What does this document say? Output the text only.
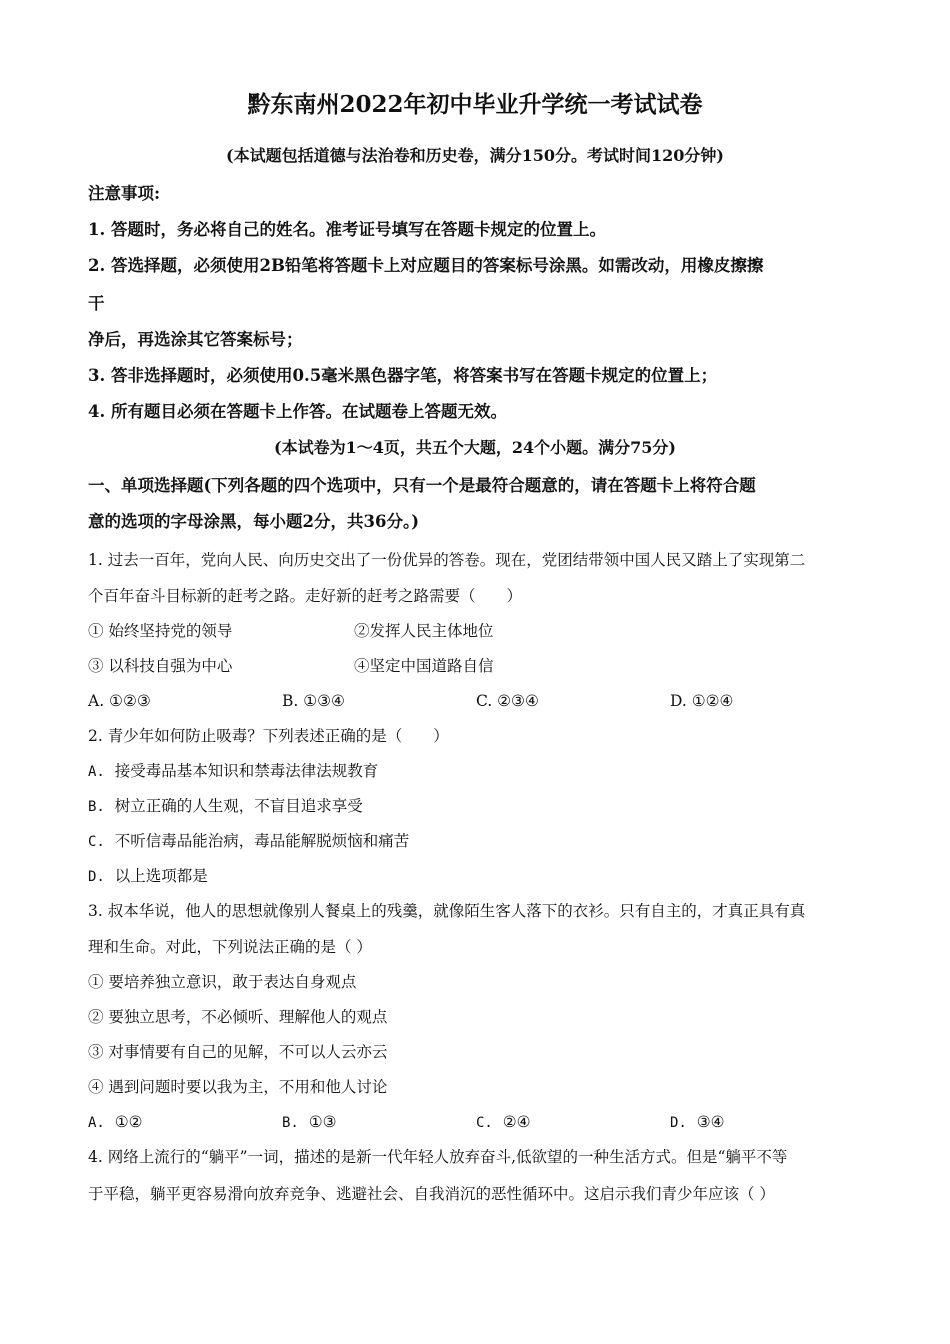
黔东南州2022年初中毕业升学统一考试试卷
(本试题包括道德与法治卷和历史卷，满分150分。考试时间120分钟)
注意事项:
1. 答题时，务必将自己的姓名。准考证号填写在答题卡规定的位置上。
2. 答选择题，必须使用2B铅笔将答题卡上对应题目的答案标号涂黑。如需改动，用橡皮擦擦
干
净后，再选涂其它答案标号；
3. 答非选择题时，必须使用0.5毫米黑色器字笔，将答案书写在答题卡规定的位置上；
4. 所有题目必须在答题卡上作答。在试题卷上答题无效。
(本试卷为1～4页，共五个大题，24个小题。满分75分)
一、单项选择题(下列各题的四个选项中，只有一个是最符合题意的，请在答题卡上将符合题
意的选项的字母涂黑，每小题2分，共36分。)
1. 过去一百年，党向人民、向历史交出了一份优异的答卷。现在，党团结带领中国人民又踏上了实现第二
个百年奋斗目标新的赶考之路。走好新的赶考之路需要（　　）
① 始终坚持党的领导	②发挥人民主体地位
③ 以科技自强为中心	④坚定中国道路自信
A. ①②③	B. ①③④	C. ②③④	D. ①②④
2. 青少年如何防止吸毒？下列表述正确的是（　　）
A. 接受毒品基本知识和禁毒法律法规教育
B. 树立正确的人生观，不盲目追求享受
C. 不听信毒品能治病，毒品能解脱烦恼和痛苦
D. 以上选项都是
3. 叔本华说，他人的思想就像别人餐桌上的残羹，就像陌生客人落下的衣衫。只有自主的，才真正具有真
理和生命。对此，下列说法正确的是（ ）
① 要培养独立意识，敢于表达自身观点
② 要独立思考，不必倾听、理解他人的观点
③ 对事情要有自己的见解，不可以人云亦云
④ 遇到问题时要以我为主，不用和他人讨论
A. ①②	B. ①③	C. ②④	D. ③④
4. 网络上流行的“躺平”一词，描述的是新一代年轻人放弃奋斗,低欲望的一种生活方式。但是“躺平不等
于平稳，躺平更容易滑向放弃竞争、逃避社会、自我消沉的恶性循环中。这启示我们青少年应该（ ）
